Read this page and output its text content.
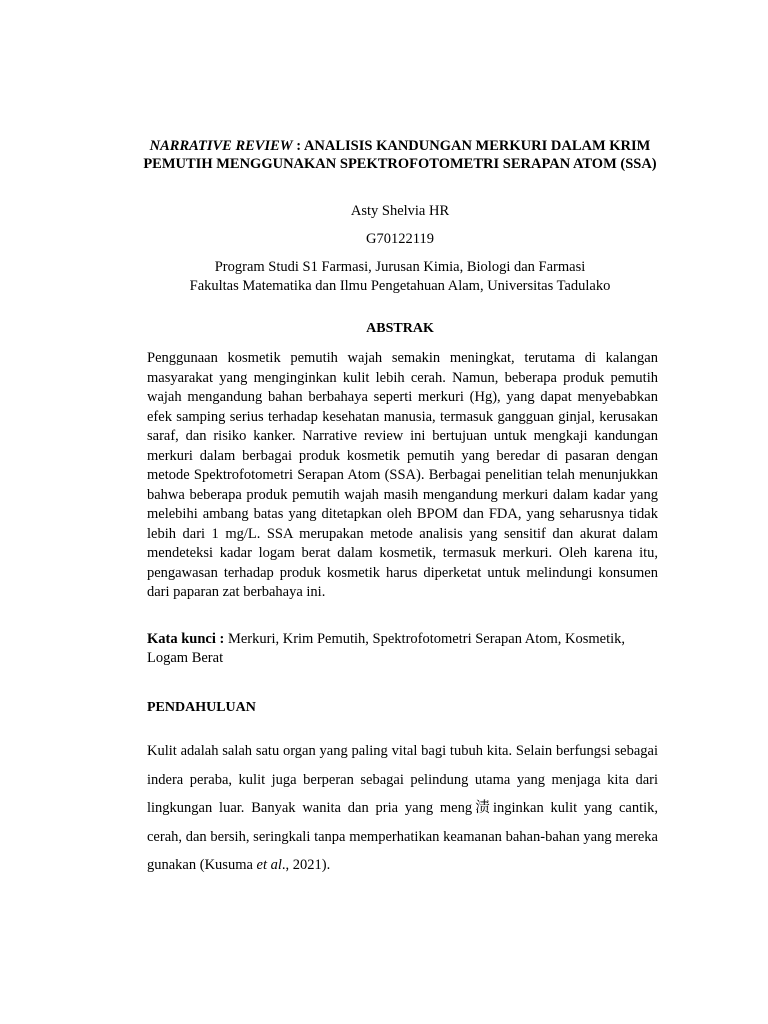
NARRATIVE REVIEW : ANALISIS KANDUNGAN MERKURI DALAM KRIM PEMUTIH MENGGUNAKAN SPEKTROFOTOMETRI SERAPAN ATOM (SSA)
Asty Shelvia HR
G70122119
Program Studi S1 Farmasi, Jurusan Kimia, Biologi dan Farmasi
Fakultas Matematika dan Ilmu Pengetahuan Alam, Universitas Tadulako
ABSTRAK

Penggunaan kosmetik pemutih wajah semakin meningkat, terutama di kalangan masyarakat yang menginginkan kulit lebih cerah. Namun, beberapa produk pemutih wajah mengandung bahan berbahaya seperti merkuri (Hg), yang dapat menyebabkan efek samping serius terhadap kesehatan manusia, termasuk gangguan ginjal, kerusakan saraf, dan risiko kanker. Narrative review ini bertujuan untuk mengkaji kandungan merkuri dalam berbagai produk kosmetik pemutih yang beredar di pasaran dengan metode Spektrofotometri Serapan Atom (SSA). Berbagai penelitian telah menunjukkan bahwa beberapa produk pemutih wajah masih mengandung merkuri dalam kadar yang melebihi ambang batas yang ditetapkan oleh BPOM dan FDA, yang seharusnya tidak lebih dari 1 mg/L. SSA merupakan metode analisis yang sensitif dan akurat dalam mendeteksi kadar logam berat dalam kosmetik, termasuk merkuri. Oleh karena itu, pengawasan terhadap produk kosmetik harus diperketat untuk melindungi konsumen dari paparan zat berbahaya ini.

Kata kunci : Merkuri, Krim Pemutih, Spektrofotometri Serapan Atom, Kosmetik, Logam Berat
PENDAHULUAN

Kulit adalah salah satu organ yang paling vital bagi tubuh kita. Selain berfungsi sebagai indera peraba, kulit juga berperan sebagai pelindung utama yang menjaga kita dari lingkungan luar. Banyak wanita dan pria yang meng渍inginkan kulit yang cantik, cerah, dan bersih, seringkali tanpa memperhatikan keamanan bahan-bahan yang mereka gunakan (Kusuma et al., 2021).
